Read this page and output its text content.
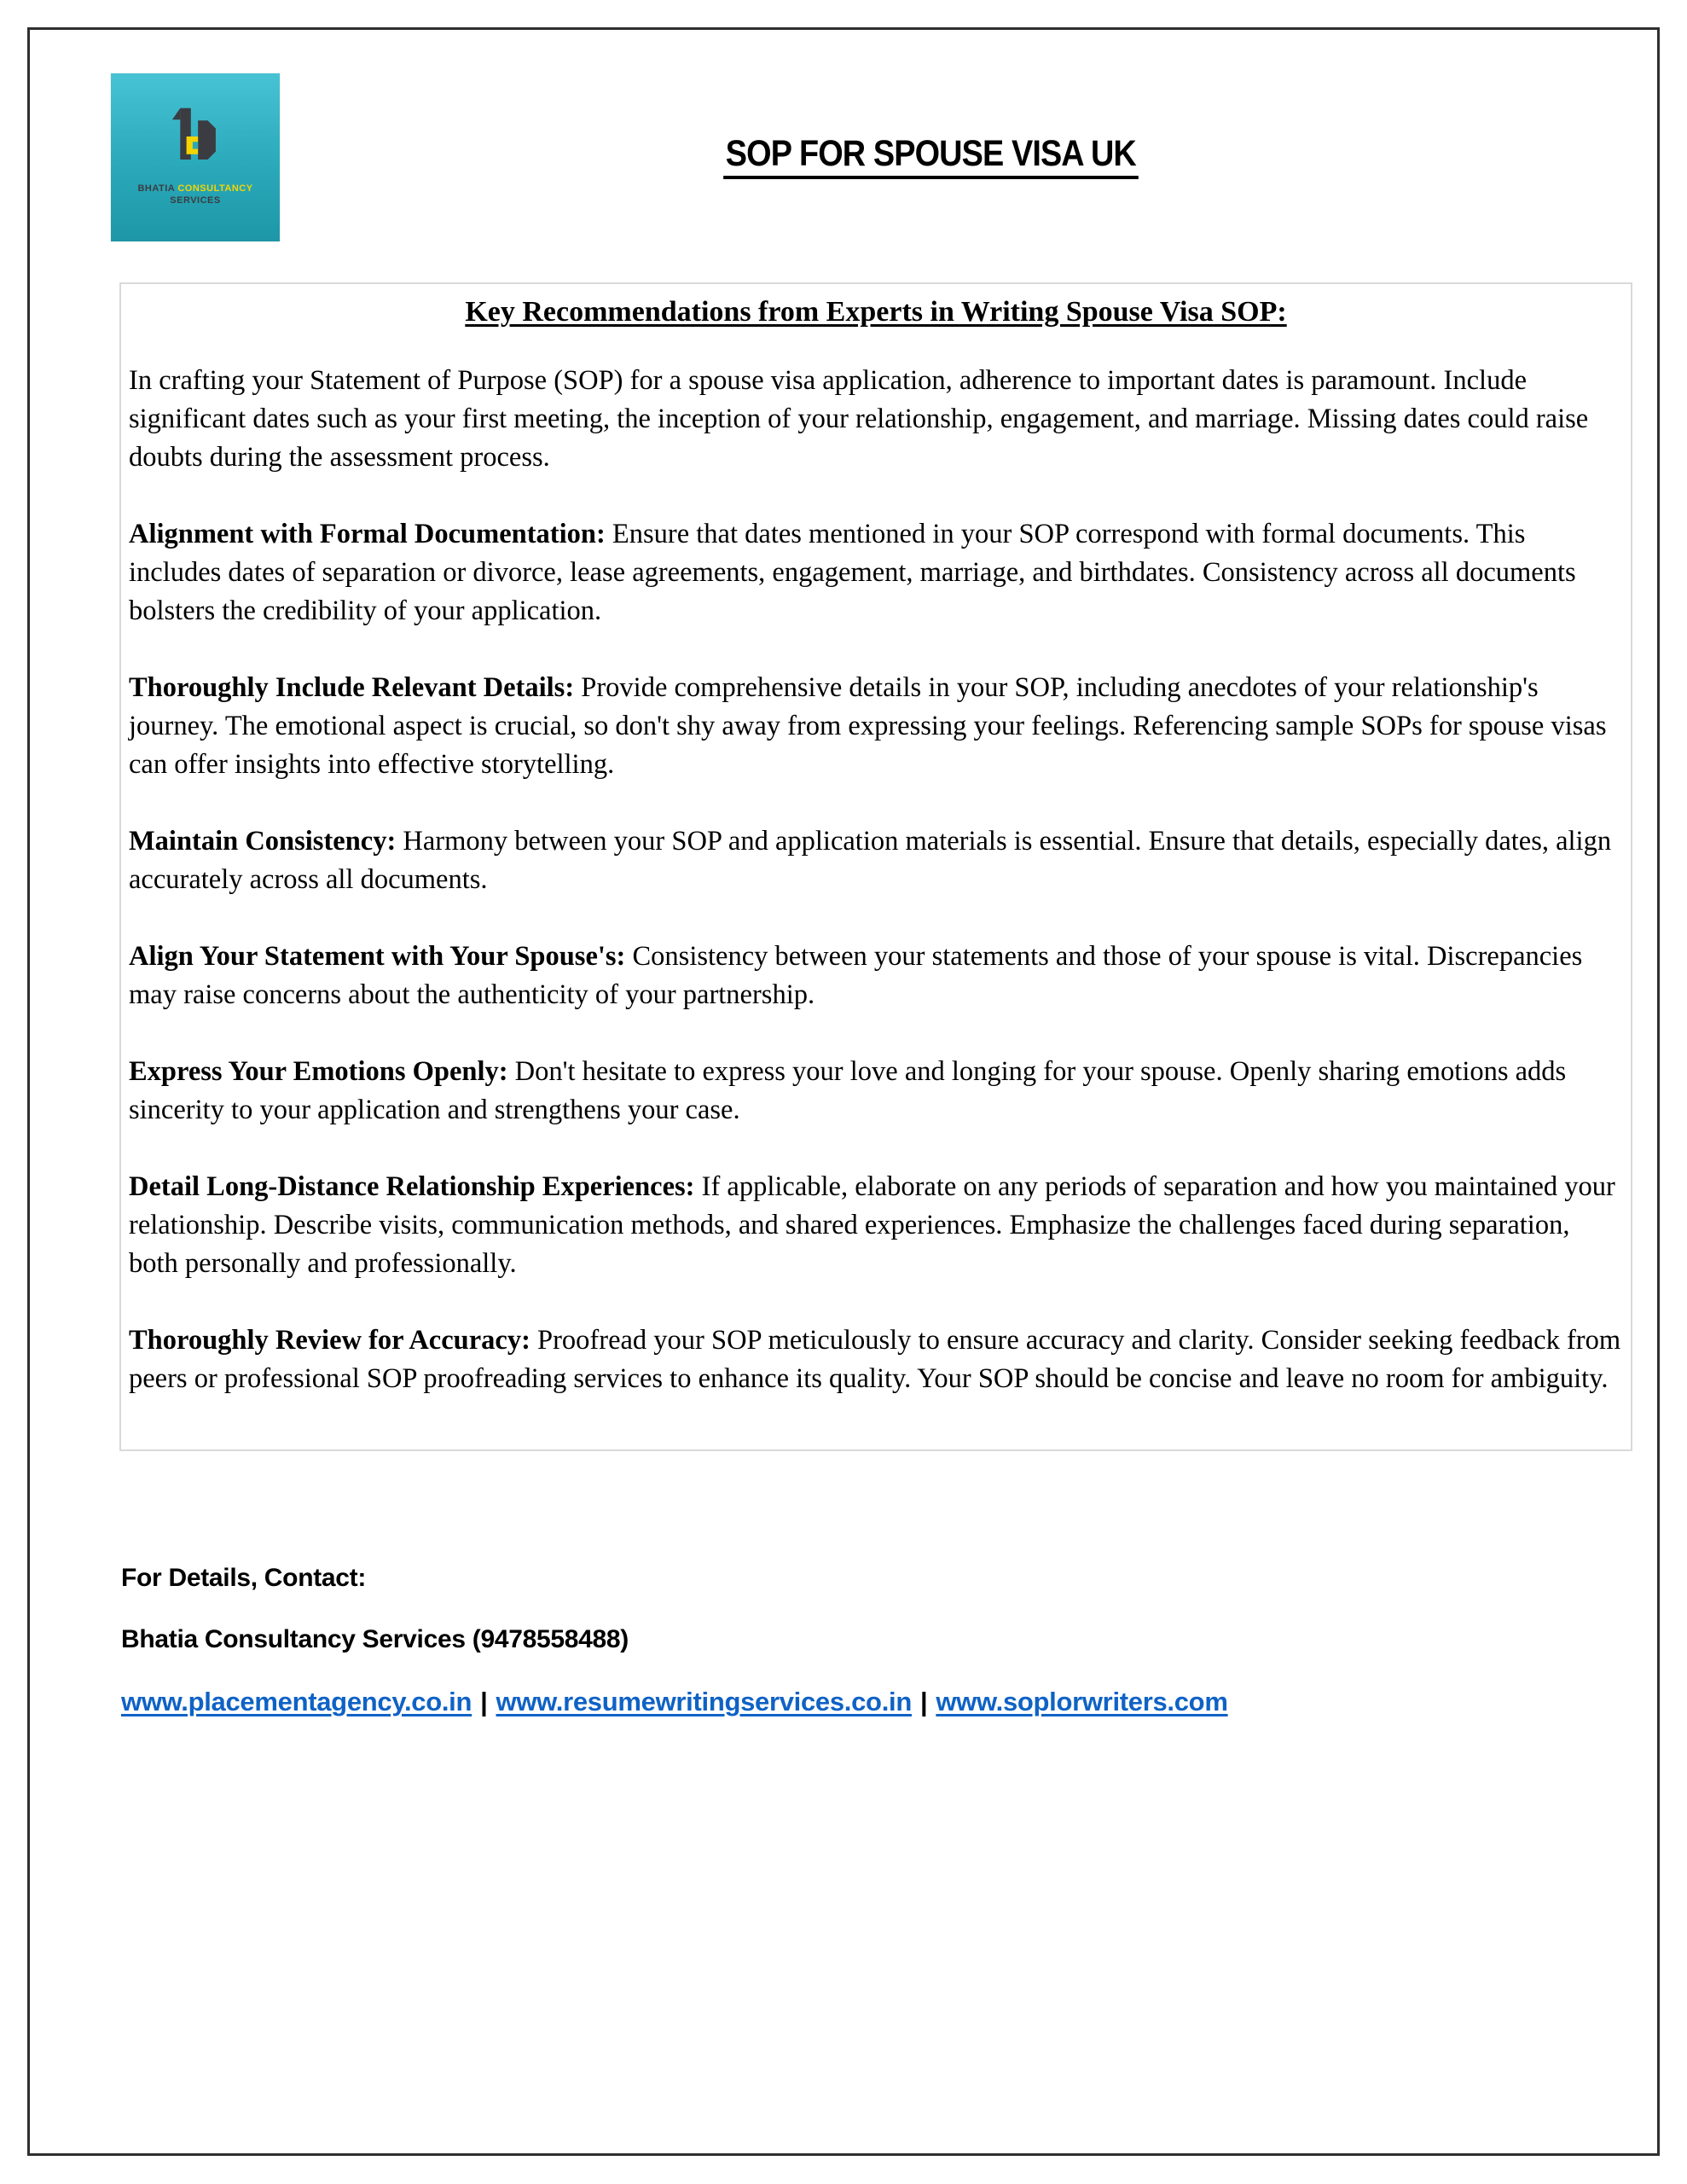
BHATIA CONSULTANCY
SERVICES
SOP FOR SPOUSE VISA UK

Key Recommendations from Experts in Writing Spouse Visa SOP:

In crafting your Statement of Purpose (SOP) for a spouse visa application, adherence to important dates is paramount. Include significant dates such as your first meeting, the inception of your relationship, engagement, and marriage. Missing dates could raise doubts during the assessment process.

Alignment with Formal Documentation: Ensure that dates mentioned in your SOP correspond with formal documents. This includes dates of separation or divorce, lease agreements, engagement, marriage, and birthdates. Consistency across all documents bolsters the credibility of your application.

Thoroughly Include Relevant Details: Provide comprehensive details in your SOP, including anecdotes of your relationship's journey. The emotional aspect is crucial, so don't shy away from expressing your feelings. Referencing sample SOPs for spouse visas can offer insights into effective storytelling.

Maintain Consistency: Harmony between your SOP and application materials is essential. Ensure that details, especially dates, align accurately across all documents.

Align Your Statement with Your Spouse's: Consistency between your statements and those of your spouse is vital. Discrepancies may raise concerns about the authenticity of your partnership.

Express Your Emotions Openly: Don't hesitate to express your love and longing for your spouse. Openly sharing emotions adds sincerity to your application and strengthens your case.

Detail Long-Distance Relationship Experiences: If applicable, elaborate on any periods of separation and how you maintained your relationship. Describe visits, communication methods, and shared experiences. Emphasize the challenges faced during separation, both personally and professionally.

Thoroughly Review for Accuracy: Proofread your SOP meticulously to ensure accuracy and clarity. Consider seeking feedback from peers or professional SOP proofreading services to enhance its quality. Your SOP should be concise and leave no room for ambiguity.

For Details, Contact:
Bhatia Consultancy Services (9478558488)
www.placementagency.co.in | www.resumewritingservices.co.in | www.soplorwriters.com
